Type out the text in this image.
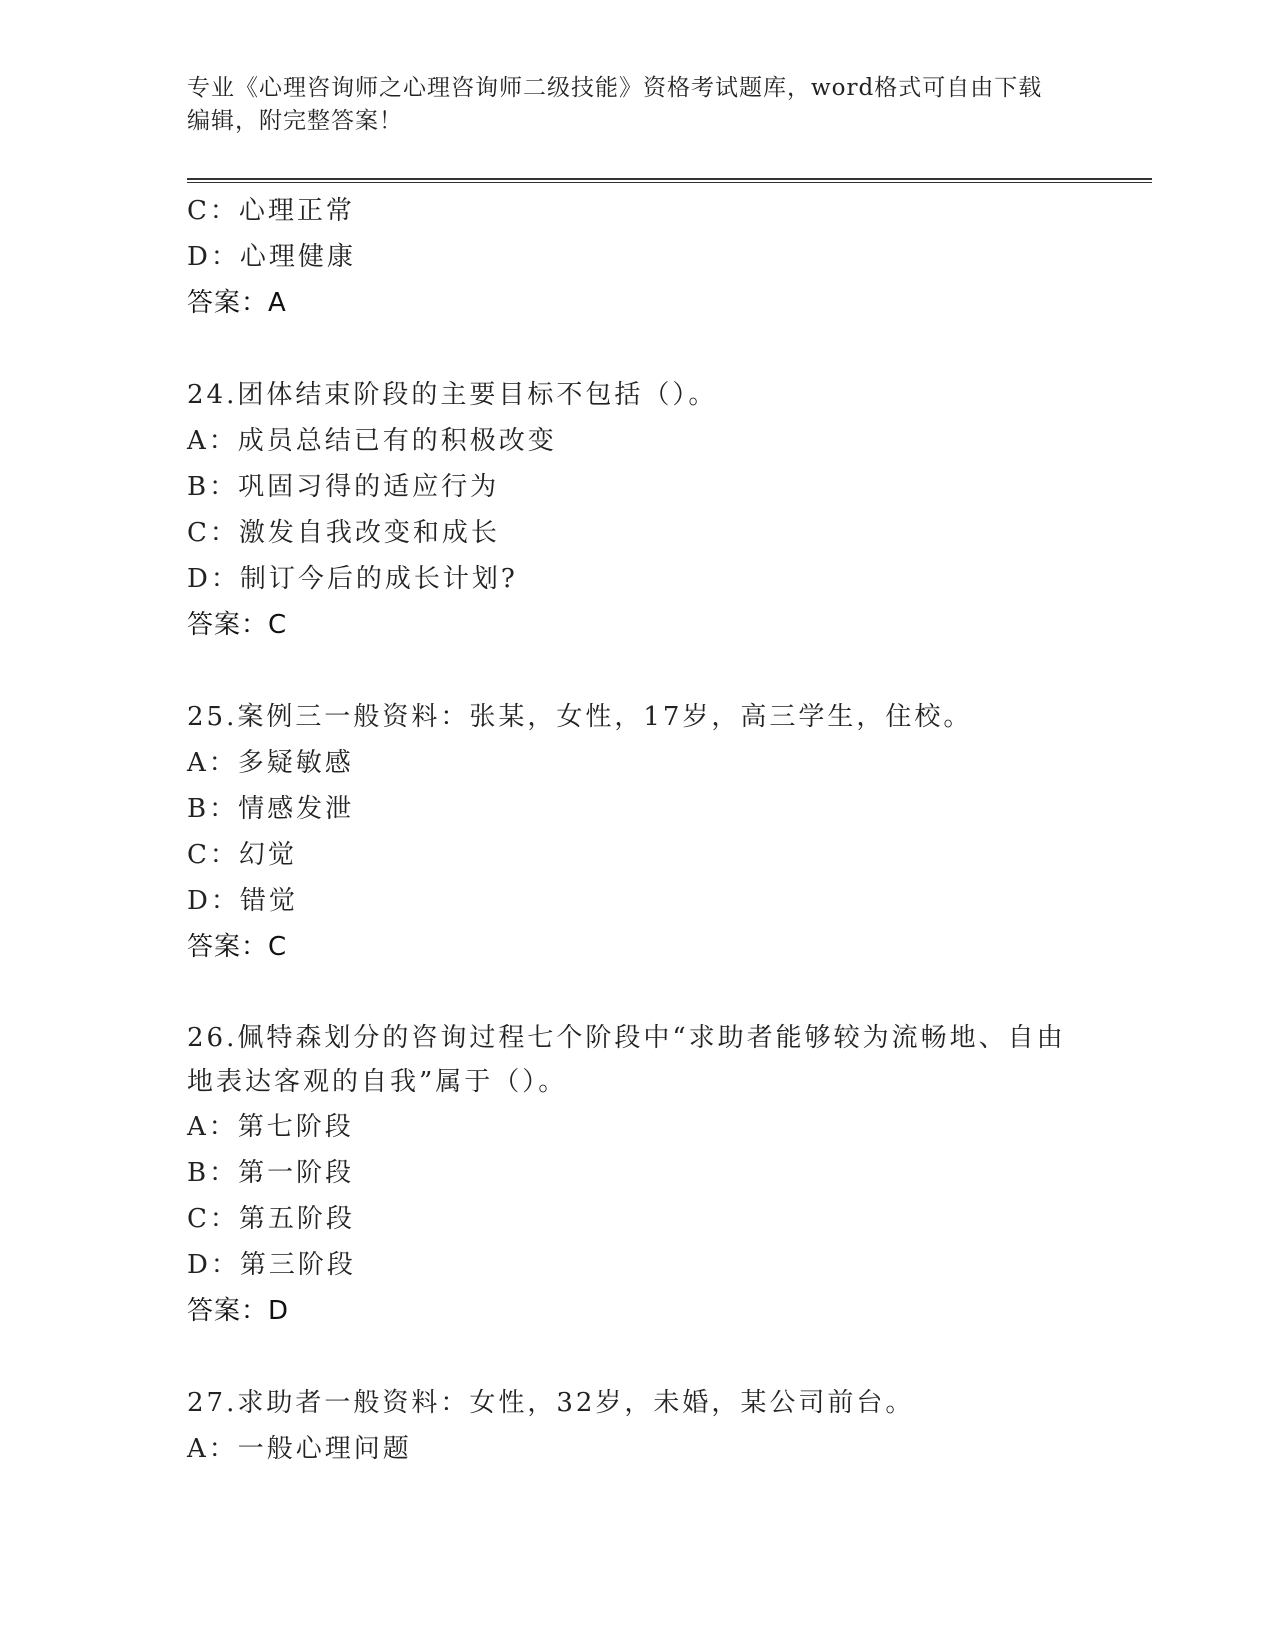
专业《心理咨询师之心理咨询师二级技能》资格考试题库，word格式可自由下载
编辑，附完整答案！
C：心理正常
D：心理健康
答案：A
24.团体结束阶段的主要目标不包括（）。
A：成员总结已有的积极改变
B：巩固习得的适应行为
C：激发自我改变和成长
D：制订今后的成长计划?
答案：C
25.案例三一般资料：张某，女性，17岁，高三学生，住校。
A：多疑敏感
B：情感发泄
C：幻觉
D：错觉
答案：C
26.佩特森划分的咨询过程七个阶段中“求助者能够较为流畅地、自由
地表达客观的自我”属于（）。
A：第七阶段
B：第一阶段
C：第五阶段
D：第三阶段
答案：D
27.求助者一般资料：女性，32岁，未婚，某公司前台。
A：一般心理问题
